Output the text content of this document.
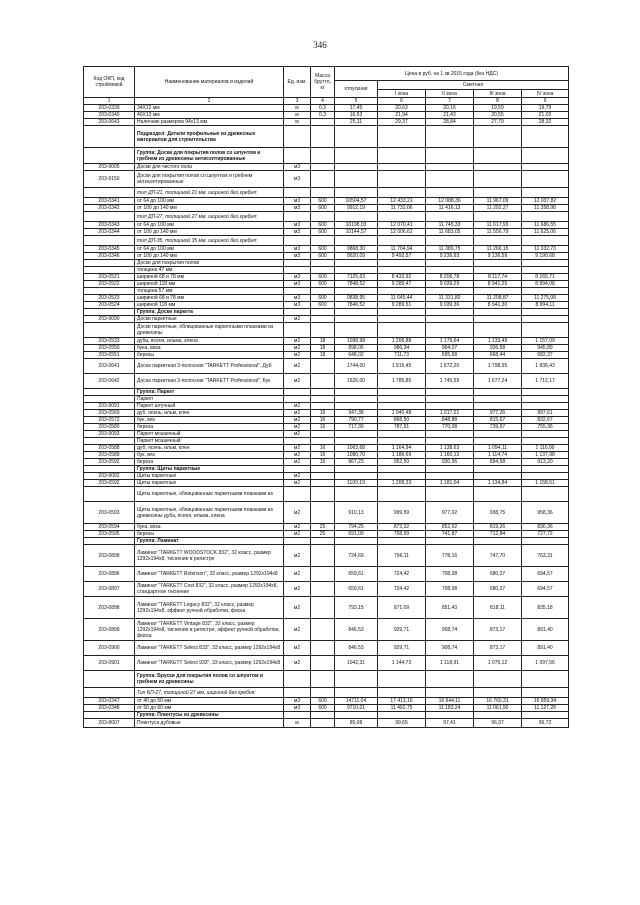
346
Код ОКП, код стройлевой	Наименование материалов и изделий	Ед. изм.	Масса брутто, кг	Цена в руб. на 1 кв 2015 года (без НДС)				
				отпускная	Сметная			
					I зона	II зона	III зона	IV зона
1	2	3	4	5	6	7	8	9
203-0339	34Х12 мм	м	0,3	17,45	20,63	20,16	19,59	19,79
203-0340	40Х13 мм	м	0,3	16,53	21,94	21,43	20,55	21,02
203-0643	Наличник размером 94х13 мм	м		25,11	29,37	28,84	27,79	28,32
	Подраздел: Детали профильные из древесных материалов для строительства							
	Группа: Доски для покрытия полов со шпунтом и гребнем из древесины антисептированные							
203-9005	Доски для чистого пола	м3						
203-9150	Доски для покрытия полов со шпунтом и гребнем антисептированные	м3						
	тип ДП-21, толщиной 21 мм, шириной без гребня:							
203-0341	от 64 до 100 мм	м3	600	10504,57	12 433,21	12 088,36	11 967,09	12 037,82
203-0342	от 100 до 140 мм	м3	600	9912,19	11 732,06	11 416,13	11 292,27	11 358,98
	тип ДП-27, толщиной 27 мм, шириной без гребня:							
203-0343	от 64 до 100 мм	м3	600	10198,03	12 070,41	11 745,33	11 617,93	11 686,55
203-0344	от 100 до 140 мм	м3	600	10144,57	12 006,62	11 683,05	11 556,79	11 625,06
	тип ДП-35, толщиной 35 мм, шириной без гребня:							
203-0345	от 64 до 100 мм	м3	600	9868,30	11 704,94	11 389,75	11 266,15	11 332,73
203-0346	от 100 до 140 мм	м3	600	8620,09	9 492,57	9 236,93	9 136,59	9 190,68
	Доски для покрытия полов							
	толщина 47 мм							
203-0521	шириной 68 и 78 мм	м3	600	7125,63	8 433,92	8 206,78	8 117,74	8 165,71
203-0522	шириной 118 мм	м3	600	7848,52	9 289,47	9 039,29	8 941,25	8 994,08
	толщина 57 мм							
203-0523	шириной 68 и 78 мм	м3	600	9838,95	11 645,44	11 331,80	11 208,87	11 275,08
203-0524	шириной 118 мм	м3	600	7846,52	9 289,51	9 039,36	8 941,30	8 994,11
	Группа: Доски паркета							
203-9090	Доски паркетные	м2						
	Доски паркетные, облицованные паркетными планками из древесины							
203-0533	дуба, ясеня, ильма, клена	м2	18	1098,98	1 206,88	1 179,64	1 133,49	1 157,09
203-0550	бука, вяза	м2	18	898,06	986,34	964,07	926,58	945,89
203-0551	березы	м2	18	648,02	711,73	695,68	668,44	682,37
203-0641	Доска паркетная 3-полосная "TARKETT Professional", Дуб	м2		1744,00	1 915,45	1 872,20	1 798,95	1 836,43
203-0642	Доска паркетная 3-полосная "TARKETT Professional", Бук	м2		1626,00	1 785,85	1 745,59	1 677,24	1 712,17
	Группа: Паркет							
	Паркет							
203-9091	Паркет штучный	м2						
203-0569	дуб, ясень, ильм, клен	м2	16	947,38	1 040,48	1 017,01	977,26	997,61
203-0572	бук, вяз	м2	16	790,77	868,50	848,88	815,67	832,67
203-0580	береза	м2	16	717,39	787,91	770,08	739,97	755,36
203-9093	Паркет мозаичный	м2						
	Паркет мозаичный:							
203-0588	дуб, ясень, ильм, клен	м2	16	1063,68	1 164,94	1 138,63	1 094,11	1 116,90
203-0589	бук, вяз	м2	16	1080,70	1 186,69	1 160,13	1 114,74	1 137,98
203-0592	береза	м2	16	867,23	952,50	930,96	894,58	913,20
	Группа: Щиты паркетные							
203-9092	Щиты паркетные	м2						
203-0592	Щиты паркетные	м2		1100,19	1 208,33	1 181,04	1 134,84	1 158,51
	Щиты паркетные, облицованные паркетными планками из							
203-0593	Щиты паркетные, облицованные паркетными планками из древесины дуба, ясеня, ильма, клена	м2		910,13	999,59	977,02	938,75	958,36
203-0594	бука, вяза	м2	25	794,25	872,32	852,62	819,26	836,36
203-0595	березы	м2	25	691,09	758,99	741,87	712,84	727,72
	Группа: Ламинат							
203-0898	Ламинат "TARKETT WOODSTOCK 832", 32 класс, размер 1292х194х8, тиснение в регистре	м2		724,69	796,11	778,16	747,70	763,31
203-0896	Ламинат "TARKETT Robinson", 32 класс, размер 1292х194х8	м2		659,61	724,42	708,08	680,37	694,57
203-0897	Ламинат "TARKETT Cost 832", 32 класс, размер 1292х194х8, стандартное тиснение	м2		659,61	724,42	708,08	680,37	694,57
203-0898	Ламинат "TARKETT Legacy 832", 32 класс, размер 1292х194х8, эффект ручной обработки, фаска	м2		793,15	871,09	851,43	818,11	835,18
203-0899	Ламинат "TARKETT Vintage 832", 32 класс, размер 1292х194х8, тиснение в регистре, эффект ручной обработки, фаска	м2		846,53	929,71	908,74	873,17	891,40
203-0900	Ламинат "TARKETT Select 833", 33 класс, размер 1292х194х8	м2		846,53	929,71	908,74	873,17	891,40
203-0901	Ламинат "TARKETT Select 933", 33 класс, размер 1292х194х8	м2		1042,31	1 144,73	1 118,91	1 075,12	1 097,56
	Группа: Бруски для покрытия полов со шпунтом и гребнем из древесины							
	Тип БП-27, толщиной 27 мм, шириной без гребня:							
203-0347	от 40 до 50 мм	м3	600	14711,04	17 413,16	16 944,11	16 760,31	16 859,34
203-0348	от 50 до 60 мм	м3	600	9710,01	11 492,75	11 183,24	11 061,90	11 127,28
	Группа: Плинтусы из древесины							
203-8007	Плинтуса дубовые	м		85,08	99,65	97,41	96,37	96,72
